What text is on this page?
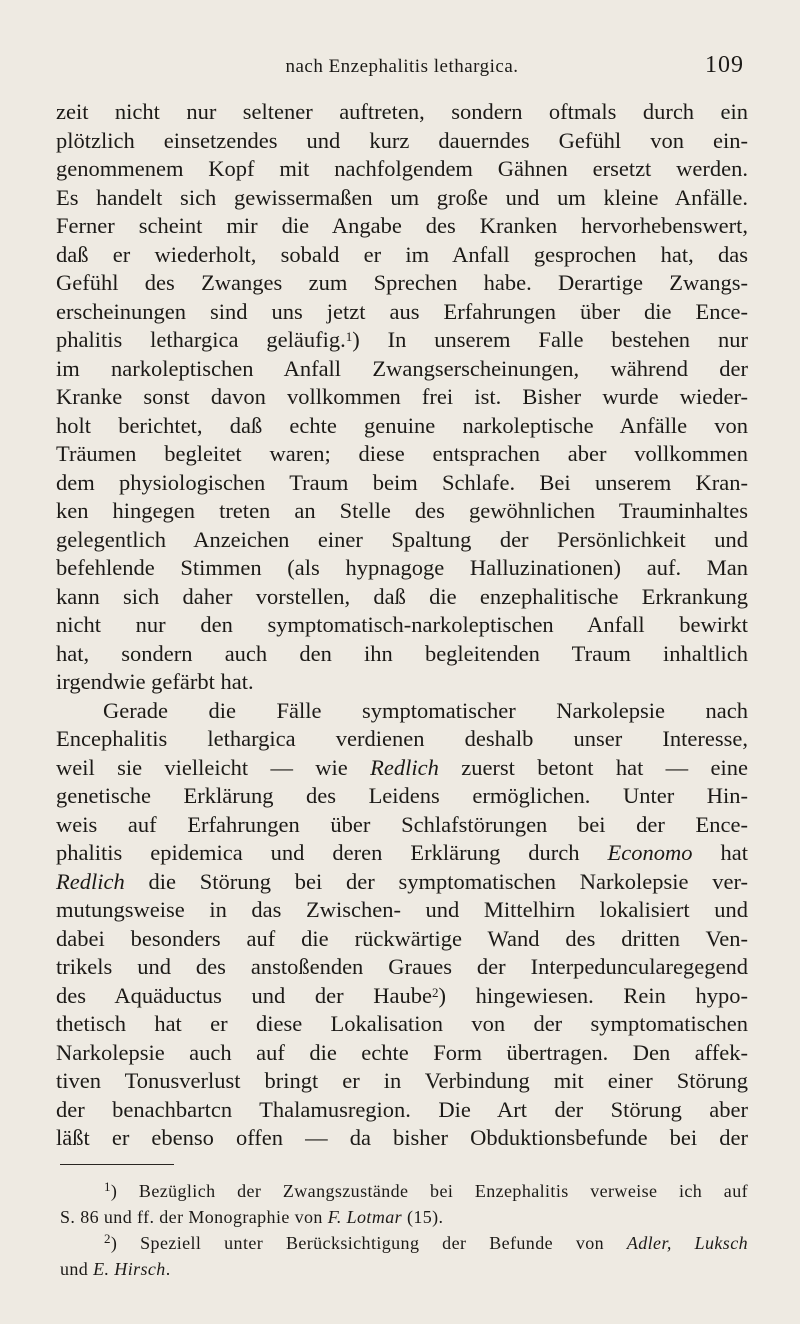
nach Enzephalitis lethargica.	109
zeit nicht nur seltener auftreten, sondern oftmals durch ein
plötzlich einsetzendes und kurz dauerndes Gefühl von ein-
genommenem Kopf mit nachfolgendem Gähnen ersetzt werden.
Es handelt sich gewissermaßen um große und um kleine Anfälle.
Ferner scheint mir die Angabe des Kranken hervorhebenswert,
daß er wiederholt, sobald er im Anfall gesprochen hat, das
Gefühl des Zwanges zum Sprechen habe. Derartige Zwangs-
erscheinungen sind uns jetzt aus Erfahrungen über die Ence-
phalitis lethargica geläufig.$^1$) In unserem Falle bestehen nur
im narkoleptischen Anfall Zwangserscheinungen, während der
Kranke sonst davon vollkommen frei ist. Bisher wurde wieder-
holt berichtet, daß echte genuine narkoleptische Anfälle von
Träumen begleitet waren; diese entsprachen aber vollkommen
dem physiologischen Traum beim Schlafe. Bei unserem Kran-
ken hingegen treten an Stelle des gewöhnlichen Trauminhaltes
gelegentlich Anzeichen einer Spaltung der Persönlichkeit und
befehlende Stimmen (als hypnagoge Halluzinationen) auf. Man
kann sich daher vorstellen, daß die enzephalitische Erkrankung
nicht nur den symptomatisch-narkoleptischen Anfall bewirkt
hat, sondern auch den ihn begleitenden Traum inhaltlich
irgendwie gefärbt hat.
Gerade die Fälle symptomatischer Narkolepsie nach
Encephalitis lethargica verdienen deshalb unser Interesse,
weil sie vielleicht — wie Redlich zuerst betont hat — eine
genetische Erklärung des Leidens ermöglichen. Unter Hin-
weis auf Erfahrungen über Schlafstörungen bei der Ence-
phalitis epidemica und deren Erklärung durch Economo hat
Redlich die Störung bei der symptomatischen Narkolepsie ver-
mutungsweise in das Zwischen- und Mittelhirn lokalisiert und
dabei besonders auf die rückwärtige Wand des dritten Ven-
trikels und des anstoßenden Graues der Interpeduncularegegend
des Aquäductus und der Haube$^2$) hingewiesen. Rein hypo-
thetisch hat er diese Lokalisation von der symptomatischen
Narkolepsie auch auf die echte Form übertragen. Den affek-
tiven Tonusverlust bringt er in Verbindung mit einer Störung
der benachbartcn Thalamusregion. Die Art der Störung aber
läßt er ebenso offen — da bisher Obduktionsbefunde bei der
$^1$) Bezüglich der Zwangszustände bei Enzephalitis verweise ich auf
S. 86 und ff. der Monographie von F. Lotmar (15).
$^2$) Speziell unter Berücksichtigung der Befunde von Adler, Luksch
und E. Hirsch.
